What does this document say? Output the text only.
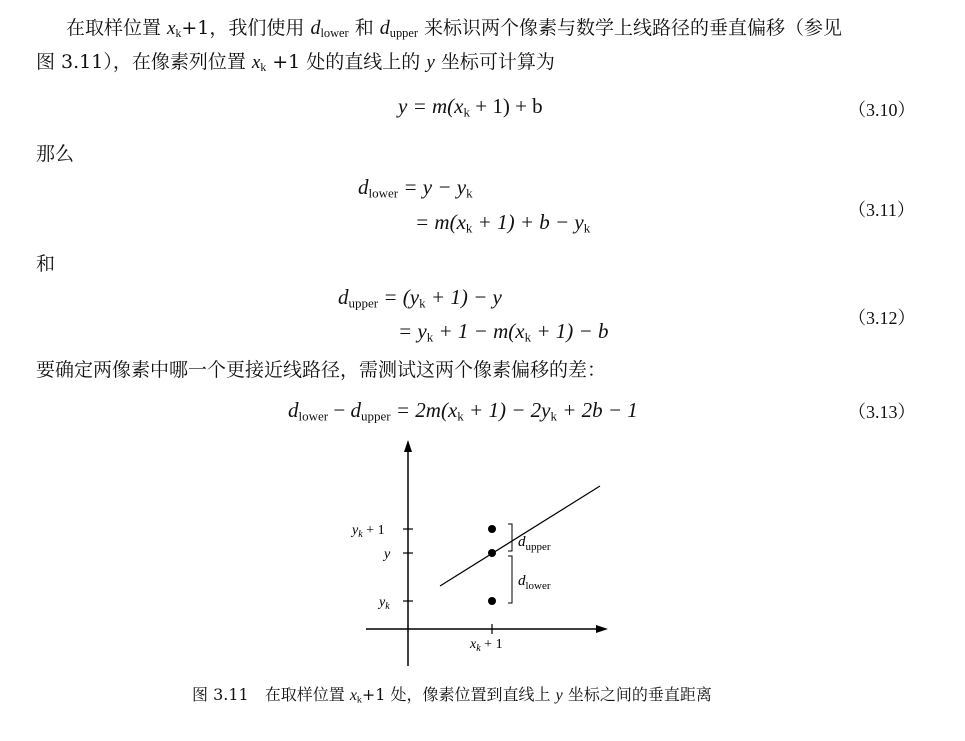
在取样位置 $x_k+1$，我们使用 $d_{lower}$ 和 $d_{upper}$ 来标识两个像素与数学上线路径的垂直偏移（参见
图 3.11），在像素列位置 $x_k +1$ 处的直线上的 y 坐标可计算为
$y = m(x_k + 1) + b$	（3.10）
那么
$d_{lower} = y - y_k$
= $m(x_k + 1) + b - y_k$
（3.11）
和
$d_{upper} = (y_k + 1) - y$
= $y_k + 1 - m(x_k + 1) - b$
（3.12）
要确定两像素中哪一个更接近线路径，需测试这两个像素偏移的差：
$d_{lower} - d_{upper} = 2m(x_k + 1) - 2y_k + 2b - 1$	（3.13）
$y_k + 1$
y
$y_k$
$x_k + 1$
$d_{upper}$
$d_{lower}$
图 3.11　在取样位置 $x_k+1$ 处，像素位置到直线上 y 坐标之间的垂直距离
